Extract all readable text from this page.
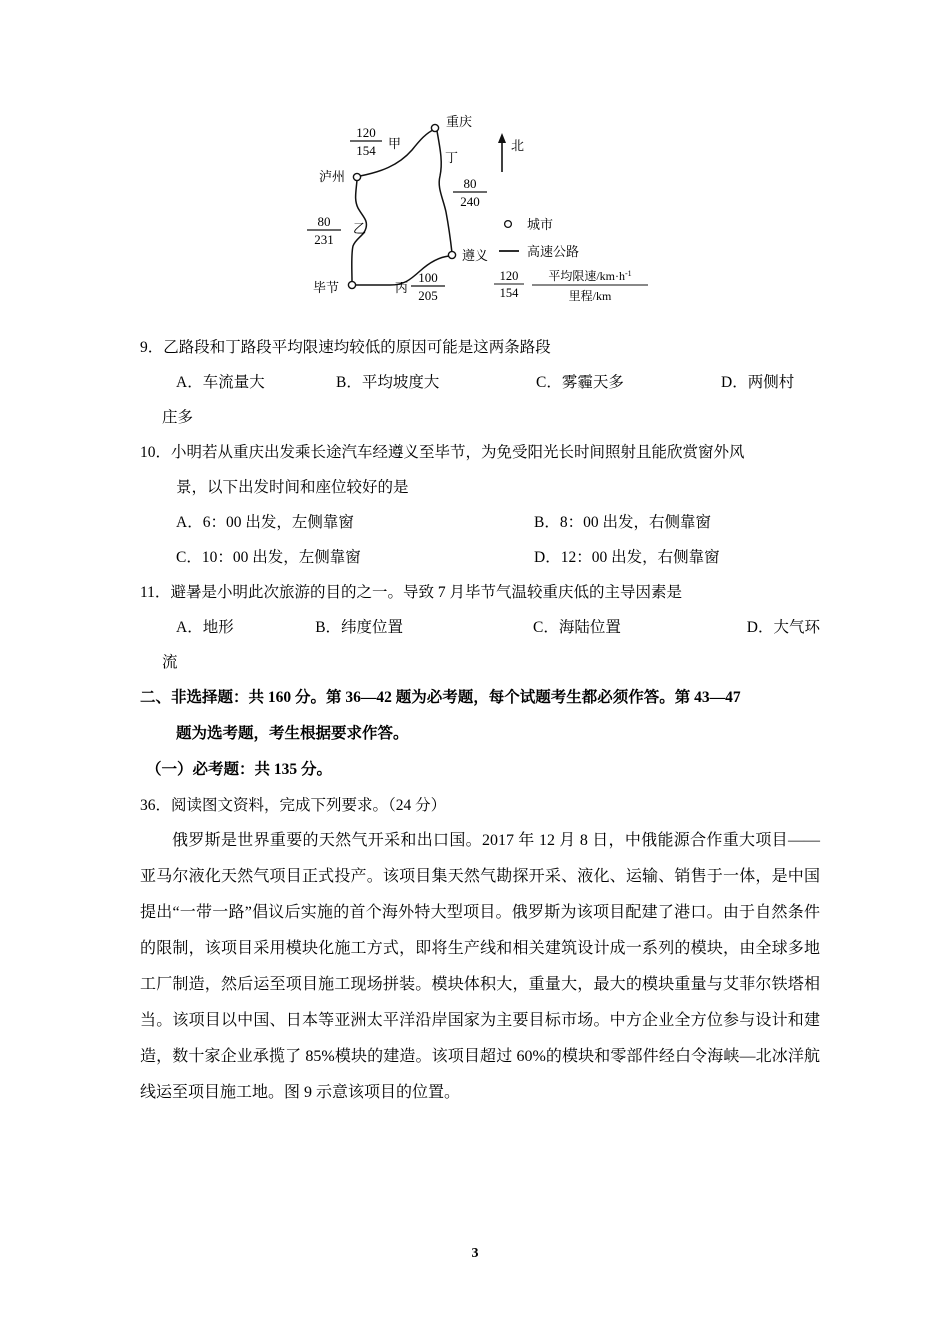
重庆
泸州
毕节
遵义
甲
乙
丙
丁
120
154
80
231
100
205
80
240
北
城市
高速公路
120
154
平均限速$/km\cdot h^{-1}$
里程/km
9．乙路段和丁路段平均限速均较低的原因可能是这两条路段
A．车流量大	B．平均坡度大	C．雾霾天多	D．两侧村
庄多
10．小明若从重庆出发乘长途汽车经遵义至毕节，为免受阳光长时间照射且能欣赏窗外风
景，以下出发时间和座位较好的是
A．6：00 出发，左侧靠窗	B．8：00 出发，右侧靠窗
C．10：00 出发，左侧靠窗	D．12：00 出发，右侧靠窗
11．避暑是小明此次旅游的目的之一。导致 7 月毕节气温较重庆低的主导因素是
A．地形	B．纬度位置	C．海陆位置	D．大气环
流
二、非选择题：共 160 分。第 36—42 题为必考题，每个试题考生都必须作答。第 43—47
题为选考题，考生根据要求作答。
（一）必考题：共 135 分。
36．阅读图文资料，完成下列要求。（24 分）
俄罗斯是世界重要的天然气开采和出口国。2017 年 12 月 8 日，中俄能源合作重大项目——亚马尔液化天然气项目正式投产。该项目集天然气勘探开采、液化、运输、销售于一体，是中国提出“一带一路”倡议后实施的首个海外特大型项目。俄罗斯为该项目配建了港口。由于自然条件的限制，该项目采用模块化施工方式，即将生产线和相关建筑设计成一系列的模块，由全球多地工厂制造，然后运至项目施工现场拼装。模块体积大，重量大，最大的模块重量与艾菲尔铁塔相当。该项目以中国、日本等亚洲太平洋沿岸国家为主要目标市场。中方企业全方位参与设计和建造，数十家企业承揽了 85%模块的建造。该项目超过 60%的模块和零部件经白令海峡—北冰洋航线运至项目施工地。图 9 示意该项目的位置。
3
